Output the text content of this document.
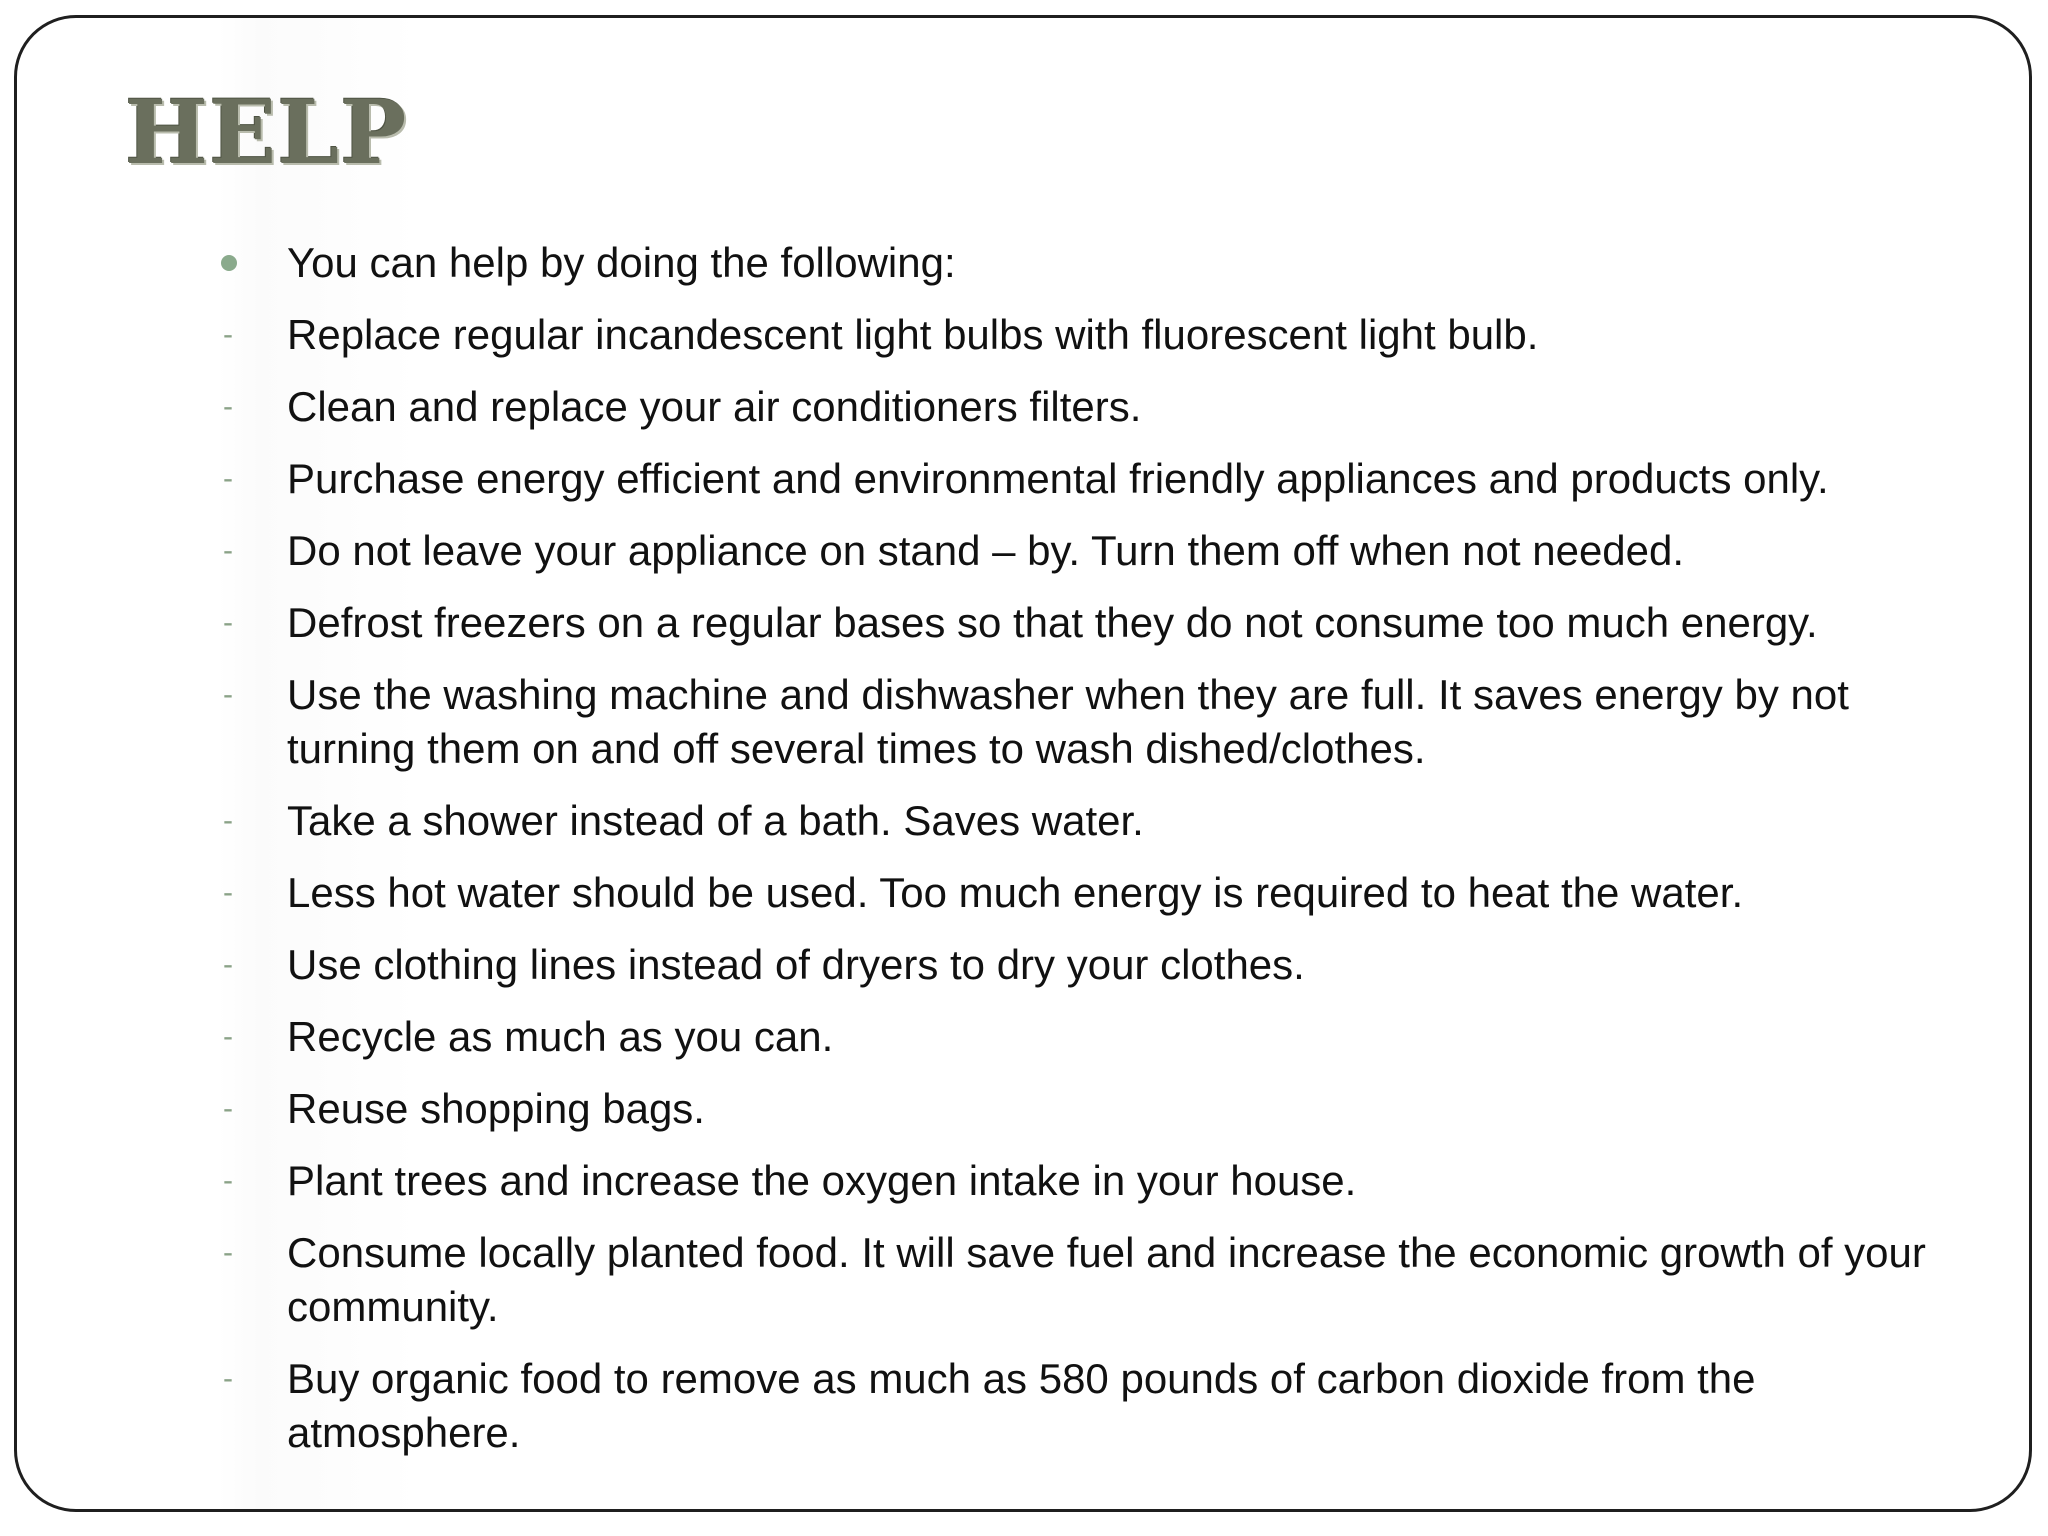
HELP
You can help by doing the following:
- Replace regular incandescent light bulbs with fluorescent light bulb.
- Clean and replace your air conditioners filters.
- Purchase energy efficient and environmental friendly appliances and products only.
- Do not leave your appliance on stand – by. Turn them off when not needed.
- Defrost freezers on a regular bases so that they do not consume too much energy.
- Use the washing machine and dishwasher when they are full. It saves energy by not turning them on and off several times to wash dished/clothes.
- Take a shower instead of a bath. Saves water.
- Less hot water should be used. Too much energy is required to heat the water.
- Use clothing lines instead of dryers to dry your clothes.
- Recycle as much as you can.
- Reuse shopping bags.
- Plant trees and increase the oxygen intake in your house.
- Consume locally planted food. It will save fuel and increase the economic growth of your community.
- Buy organic food to remove as much as 580 pounds of carbon dioxide from the atmosphere.
